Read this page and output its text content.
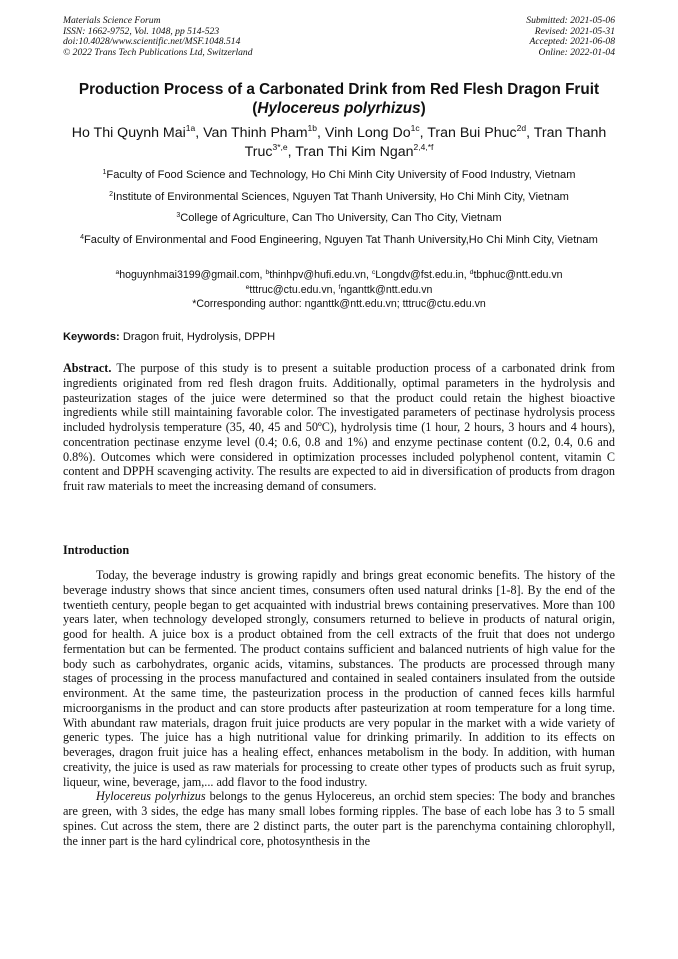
Materials Science Forum
ISSN: 1662-9752, Vol. 1048, pp 514-523
doi:10.4028/www.scientific.net/MSF.1048.514
© 2022 Trans Tech Publications Ltd, Switzerland
Submitted: 2021-05-06
Revised: 2021-05-31
Accepted: 2021-06-08
Online: 2022-01-04
Production Process of a Carbonated Drink from Red Flesh Dragon Fruit
(Hylocereus polyrhizus)
Ho Thi Quynh Mai$^{1a}$, Van Thinh Pham$^{1b}$, Vinh Long $Do^{1c}$, Tran Bui Phuc$^{2d}$, Tran Thanh Truc$^{3*,e}$, Tran Thi Kim Ngan$^{2,4,*f}$
$^1$Faculty of Food Science and Technology, Ho Chi Minh City University of Food Industry, Vietnam
$^2$Institute of Environmental Sciences, Nguyen Tat Thanh University, Ho Chi Minh City, Vietnam
$^3$College of Agriculture, Can Tho University, Can Tho City, Vietnam
$^4$Faculty of Environmental and Food Engineering, Nguyen Tat Thanh University,Ho Chi Minh City, Vietnam
$^a$hoguynhmai3199@gmail.com, $^b$thinhpv@hufi.edu.vn, $^c$Longdv@fst.edu.in, $^d$tbphuc@ntt.edu.vn
$^e$tttruc@ctu.edu.vn, $^f$nganttk@ntt.edu.vn
*Corresponding author: nganttk@ntt.edu.vn; tttruc@ctu.edu.vn
Keywords: Dragon fruit, Hydrolysis, DPPH
Abstract. The purpose of this study is to present a suitable production process of a carbonated drink from ingredients originated from red flesh dragon fruits. Additionally, optimal parameters in the hydrolysis and pasteurization stages of the juice were determined so that the product could retain the highest bioactive ingredients while still maintaining favorable color. The investigated parameters of pectinase hydrolysis process included hydrolysis temperature (35, 40, 45 and 50ºC), hydrolysis time (1 hour, 2 hours, 3 hours and 4 hours), concentration pectinase enzyme level (0.4; 0.6, 0.8 and 1%) and enzyme pectinase content (0.2, 0.4, 0.6 and 0.8%). Outcomes which were considered in optimization processes included polyphenol content, vitamin C content and DPPH scavenging activity. The results are expected to aid in diversification of products from dragon fruit raw materials to meet the increasing demand of consumers.
Introduction

Today, the beverage industry is growing rapidly and brings great economic benefits. The history of the beverage industry shows that since ancient times, consumers often used natural drinks [1-8]. By the end of the twentieth century, people began to get acquainted with industrial brews containing preservatives. More than 100 years later, when technology developed strongly, consumers returned to believe in products of natural origin, good for health. A juice box is a product obtained from the cell extracts of the fruit that does not undergo fermentation but can be fermented. The product contains sufficient and balanced nutrients of high value for the body such as carbohydrates, organic acids, vitamins, substances. The products are processed through many stages of processing in the process manufactured and contained in sealed containers insulated from the outside environment. At the same time, the pasteurization process in the production of canned feces kills harmful microorganisms in the product and can store products after pasteurization at room temperature for a long time. With abundant raw materials, dragon fruit juice products are very popular in the market with a wide variety of generic types. The juice has a high nutritional value for drinking primarily. In addition to its effects on beverages, dragon fruit juice has a healing effect, enhances metabolism in the body. In addition, with human creativity, the juice is used as raw materials for processing to create other types of products such as fruit syrup, liqueur, wine, beverage, jam,... add flavor to the food industry.

Hylocereus polyrhizus belongs to the genus Hylocereus, an orchid stem species: The body and branches are green, with 3 sides, the edge has many small lobes forming ripples. The base of each lobe has 3 to 5 small spines. Cut across the stem, there are 2 distinct parts, the outer part is the parenchyma containing chlorophyll, the inner part is the hard cylindrical core, photosynthesis in the
